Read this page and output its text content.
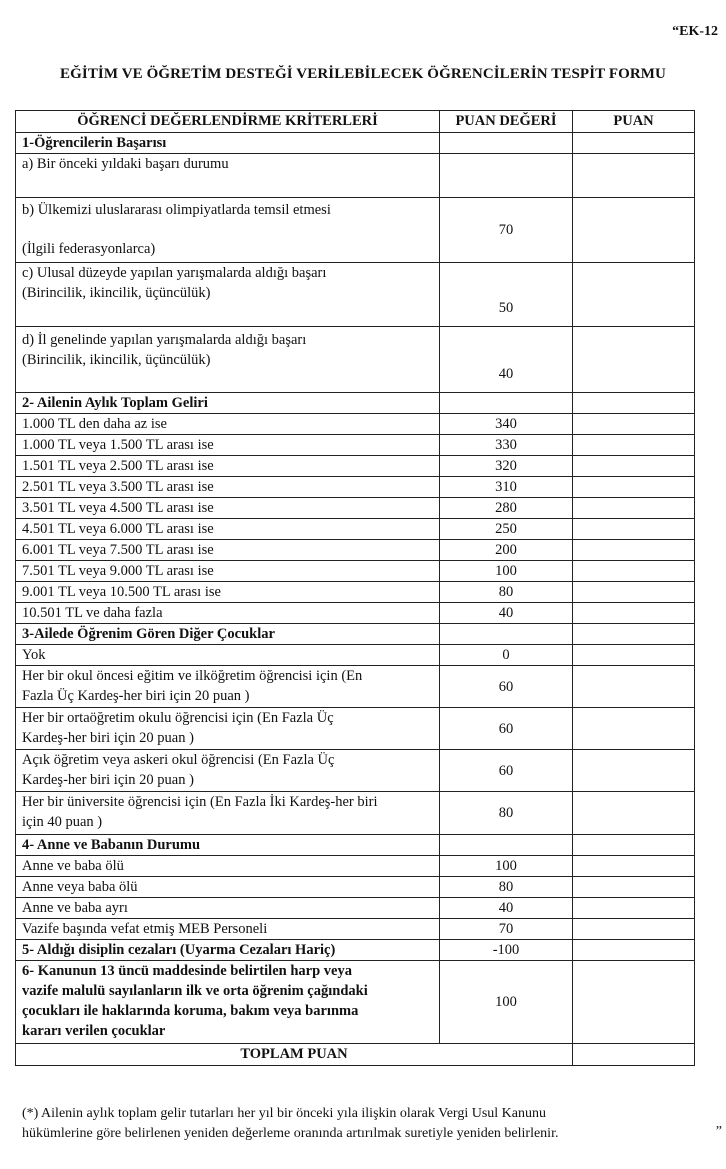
“EK-12
EĞİTİM VE ÖĞRETİM DESTEĞİ VERİLEBİLECEK ÖĞRENCİLERİN TESPİT FORMU
ÖĞRENCİ DEĞERLENDİRME KRİTERLERİ	PUAN DEĞERİ	PUAN
1-Öğrencilerin Başarısı		
a) Bir önceki yıldaki başarı durumu		

b) Ülkemizi uluslararası olimpiyatlarda temsil etmesi
(İlgili federasyonlarca)	70	

c) Ulusal düzeyde yapılan yarışmalarda aldığı başarı
(Birincilik, ikincilik, üçüncülük)	50	

d) İl genelinde yapılan yarışmalarda aldığı başarı
(Birincilik, ikincilik, üçüncülük)	40	
2- Ailenin Aylık Toplam Geliri		
1.000 TL den daha az ise	340	
1.000 TL veya 1.500 TL arası ise	330	
1.501 TL veya 2.500 TL arası ise	320	
2.501 TL veya 3.500 TL arası ise	310	
3.501 TL veya 4.500 TL arası ise	280	
4.501 TL veya 6.000 TL arası ise	250	
6.001 TL veya 7.500 TL arası ise	200	
7.501 TL veya 9.000 TL arası ise	100	
9.001 TL veya 10.500 TL arası ise	80	
10.501 TL ve daha fazla	40	
3-Ailede Öğrenim Gören Diğer Çocuklar		
Yok	0	

Her bir okul öncesi eğitim ve ilköğretim öğrencisi için (En
Fazla Üç Kardeş-her biri için 20 puan )	60	

Her bir ortaöğretim okulu öğrencisi için (En Fazla Üç
Kardeş-her biri için 20 puan )	60	

Açık öğretim veya askeri okul öğrencisi (En Fazla Üç
Kardeş-her biri için 20 puan )	60	

Her bir üniversite öğrencisi için (En Fazla İki Kardeş-her biri
için 40 puan )	80	
4- Anne ve Babanın Durumu		
Anne ve baba ölü	100	
Anne veya baba ölü	80	
Anne ve baba ayrı	40	
Vazife başında vefat etmiş MEB Personeli	70	
5- Aldığı disiplin cezaları (Uyarma Cezaları Hariç)	-100	

6- Kanunun 13 üncü maddesinde belirtilen harp veya
vazife malulü sayılanların ilk ve orta öğrenim çağındaki
çocukları ile haklarında koruma, bakım veya barınma
kararı verilen çocuklar	100	
TOPLAM PUAN		
(*) Ailenin aylık toplam gelir tutarları her yıl bir önceki yıla ilişkin olarak Vergi Usul Kanunu
hükümlerine göre belirlenen yeniden değerleme oranında artırılmak suretiyle yeniden belirlenir.	”
